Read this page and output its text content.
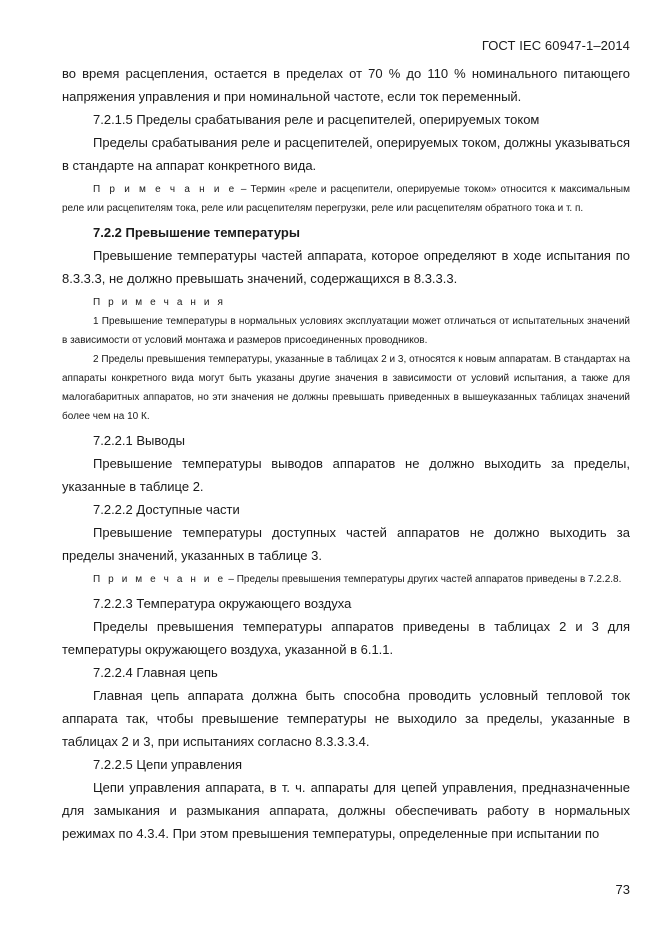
ГОСТ IEC 60947-1–2014

во время расцепления, остается в пределах от 70 % до 110 % номинального питающего напряжения управления и при номинальной частоте, если ток переменный.

7.2.1.5 Пределы срабатывания реле и расцепителей, оперируемых током

Пределы срабатывания реле и расцепителей, оперируемых током, должны указываться в стандарте на аппарат конкретного вида.

П р и м е ч а н и е – Термин «реле и расцепители, оперируемые током» относится к максимальным реле или расцепителям тока, реле или расцепителям перегрузки, реле или расцепителям обратного тока и т. п.

7.2.2 Превышение температуры

Превышение температуры частей аппарата, которое определяют в ходе испытания по 8.3.3.3, не должно превышать значений, содержащихся в 8.3.3.3.

П р и м е ч а н и я

1 Превышение температуры в нормальных условиях эксплуатации может отличаться от испытательных значений в зависимости от условий монтажа и размеров присоединенных проводников.

2 Пределы превышения температуры, указанные в таблицах 2 и 3, относятся к новым аппаратам. В стандартах на аппараты конкретного вида могут быть указаны другие значения в зависимости от условий испытания, а также для малогабаритных аппаратов, но эти значения не должны превышать приведенных в вышеуказанных таблицах значений более чем на 10 К.

7.2.2.1 Выводы

Превышение температуры выводов аппаратов не должно выходить за пределы, указанные в таблице 2.

7.2.2.2 Доступные части

Превышение температуры доступных частей аппаратов не должно выходить за пределы значений, указанных в таблице 3.

П р и м е ч а н и е – Пределы превышения температуры других частей аппаратов приведены в 7.2.2.8.

7.2.2.3 Температура окружающего воздуха

Пределы превышения температуры аппаратов приведены в таблицах 2 и 3 для температуры окружающего воздуха, указанной в 6.1.1.

7.2.2.4 Главная цепь

Главная цепь аппарата должна быть способна проводить условный тепловой ток аппарата так, чтобы превышение температуры не выходило за пределы, указанные в таблицах 2 и 3, при испытаниях согласно 8.3.3.3.4.

7.2.2.5 Цепи управления

Цепи управления аппарата, в т. ч. аппараты для цепей управления, предназначенные для замыкания и размыкания аппарата, должны обеспечивать работу в нормальных режимах по 4.3.4. При этом превышения температуры, определенные при испытании по

73
